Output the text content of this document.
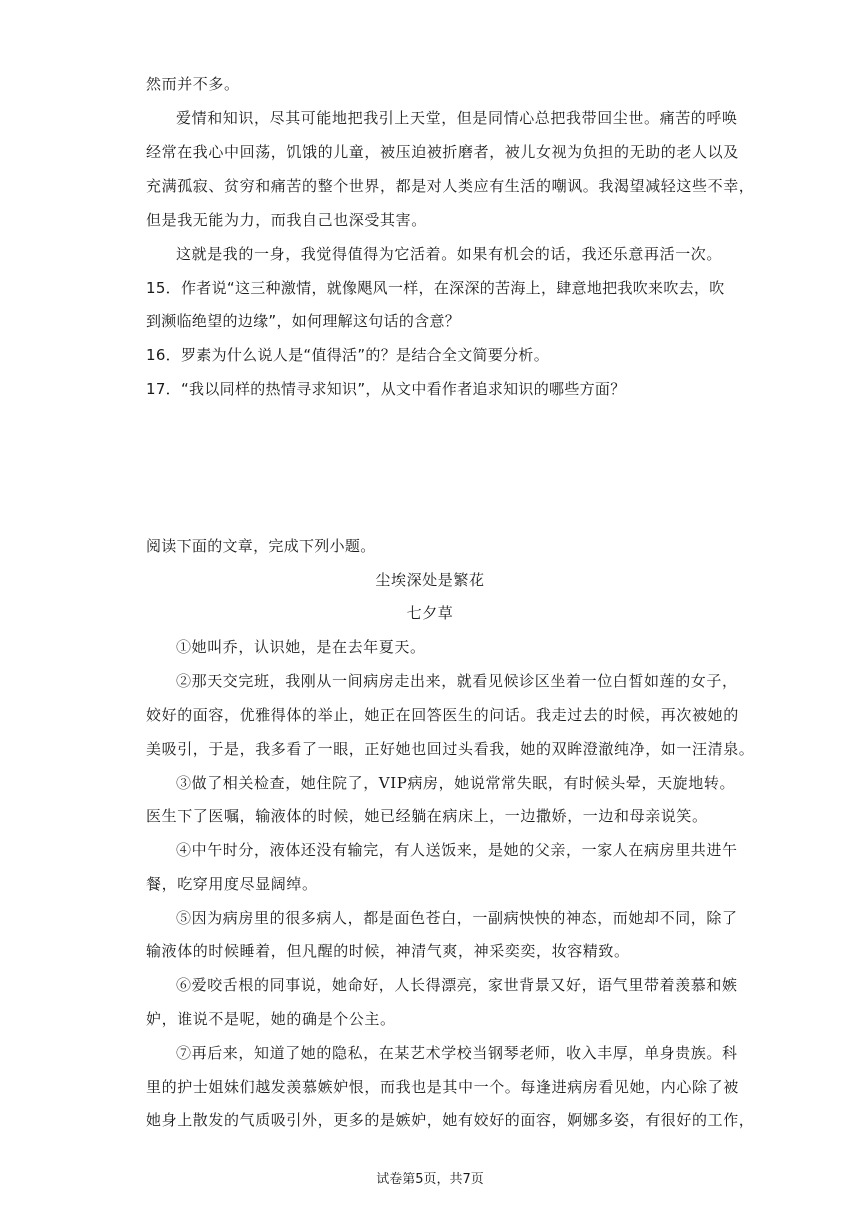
然而并不多。
爱情和知识，尽其可能地把我引上天堂，但是同情心总把我带回尘世。痛苦的呼唤
经常在我心中回荡，饥饿的儿童，被压迫被折磨者，被儿女视为负担的无助的老人以及
充满孤寂、贫穷和痛苦的整个世界，都是对人类应有生活的嘲讽。我渴望减轻这些不幸，
但是我无能为力，而我自己也深受其害。
这就是我的一身，我觉得值得为它活着。如果有机会的话，我还乐意再活一次。
15．作者说“这三种激情，就像飓风一样，在深深的苦海上，肆意地把我吹来吹去，吹
到濒临绝望的边缘”，如何理解这句话的含意？
16．罗素为什么说人是“值得活”的？是结合全文简要分析。
17．“我以同样的热情寻求知识”，从文中看作者追求知识的哪些方面？
阅读下面的文章，完成下列小题。
尘埃深处是繁花
七夕草
①她叫乔，认识她，是在去年夏天。
②那天交完班，我刚从一间病房走出来，就看见候诊区坐着一位白皙如莲的女子，
姣好的面容，优雅得体的举止，她正在回答医生的问话。我走过去的时候，再次被她的
美吸引，于是，我多看了一眼，正好她也回过头看我，她的双眸澄澈纯净，如一汪清泉。
③做了相关检查，她住院了，VIP病房，她说常常失眠，有时候头晕，天旋地转。
医生下了医嘱，输液体的时候，她已经躺在病床上，一边撒娇，一边和母亲说笑。
④中午时分，液体还没有输完，有人送饭来，是她的父亲，一家人在病房里共进午
餐，吃穿用度尽显阔绰。
⑤因为病房里的很多病人，都是面色苍白，一副病怏怏的神态，而她却不同，除了
输液体的时候睡着，但凡醒的时候，神清气爽，神采奕奕，妆容精致。
⑥爱咬舌根的同事说，她命好，人长得漂亮，家世背景又好，语气里带着羡慕和嫉
妒，谁说不是呢，她的确是个公主。
⑦再后来，知道了她的隐私，在某艺术学校当钢琴老师，收入丰厚，单身贵族。科
里的护士姐妹们越发羡慕嫉妒恨，而我也是其中一个。每逢进病房看见她，内心除了被
她身上散发的气质吸引外，更多的是嫉妒，她有姣好的面容，婀娜多姿，有很好的工作，
试卷第5页，共7页
